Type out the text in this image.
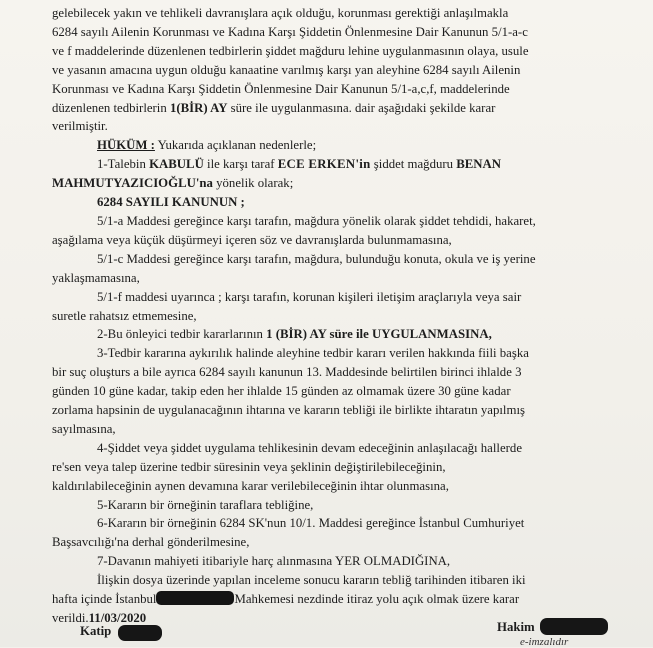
gelebilecek yakın ve tehlikeli davranışlara açık olduğu, korunması gerektiği anlaşılmakla
6284 sayılı Ailenin Korunması ve Kadına Karşı Şiddetin Önlenmesine Dair Kanunun 5/1-a-c
ve f maddelerinde düzenlenen tedbirlerin şiddet mağduru lehine uygulanmasının olaya, usule
ve yasanın amacına uygun olduğu kanaatine varılmış karşı yan aleyhine 6284 sayılı Ailenin
Korunması ve Kadına Karşı Şiddetin Önlenmesine Dair Kanunun 5/1-a,c,f, maddelerinde
düzenlenen tedbirlerin 1(BİR) AY süre ile uygulanmasına. dair aşağıdaki şekilde karar
verilmiştir.

HÜKÜM : Yukarıda açıklanan nedenlerle;

1-Talebin KABULÜ ile karşı taraf ECE ERKEN'in şiddet mağduru BENAN

MAHMUTYAZICIOĞLU'na yönelik olarak;

6284 SAYILI KANUNUN ;

5/1-a Maddesi gereğince karşı tarafın, mağdura yönelik olarak şiddet tehdidi, hakaret,
aşağılama veya küçük düşürmeyi içeren söz ve davranışlarda bulunmamasına,

5/1-c Maddesi gereğince karşı tarafın, mağdura, bulunduğu konuta, okula ve iş yerine
yaklaşmamasına,

5/1-f maddesi uyarınca ; karşı tarafın, korunan kişileri iletişim araçlarıyla veya sair
suretle rahatsız etmemesine,

2-Bu önleyici tedbir kararlarının 1 (BİR) AY süre ile UYGULANMASINA,

3-Tedbir kararına aykırılık halinde aleyhine tedbir kararı verilen hakkında fiili başka
bir suç oluşturs a bile ayrıca 6284 sayılı kanunun 13. Maddesinde belirtilen birinci ihlalde 3
günden 10 güne kadar, takip eden her ihlalde 15 günden az olmamak üzere 30 güne kadar
zorlama hapsinin de uygulanacağının ihtarına ve kararın tebliği ile birlikte ihtaratın yapılmış
sayılmasına,

4-Şiddet veya şiddet uygulama tehlikesinin devam edeceğinin anlaşılacağı hallerde
re'sen veya talep üzerine tedbir süresinin veya şeklinin değiştirilebileceğinin,
kaldırılabileceğinin aynen devamına karar verilebileceğinin ihtar olunmasına,

5-Kararın bir örneğinin taraflara tebliğine,

6-Kararın bir örneğinin 6284 SK'nun 10/1. Maddesi gereğince İstanbul Cumhuriyet
Başsavcılığı'na derhal gönderilmesine,

7-Davanın mahiyeti itibariyle harç alınmasına YER OLMADIĞINA,

İlişkin dosya üzerinde yapılan inceleme sonucu kararın tebliğ tarihinden itibaren iki
hafta içinde İstanbul	Mahkemesi nezdinde itiraz yolu açık olmak üzere karar
verildi.11/03/2020

Katip	Hakim
e-imzalıdır
